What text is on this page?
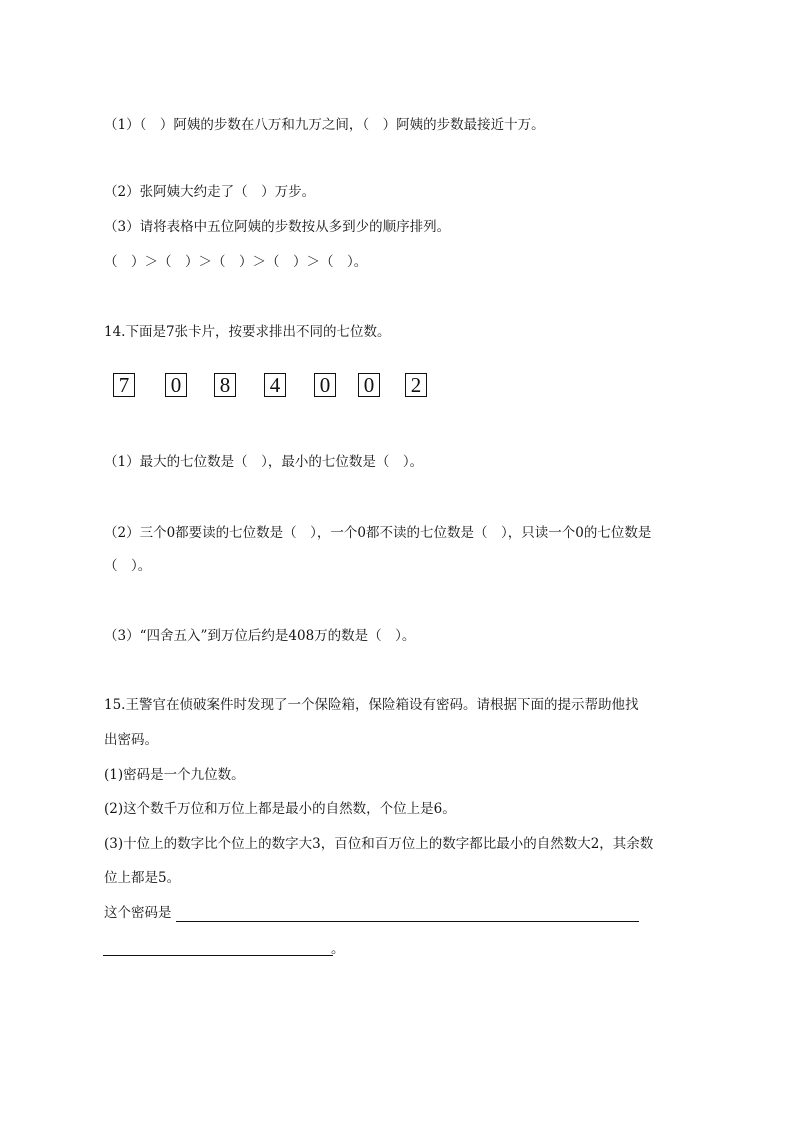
（1）（　）阿姨的步数在八万和九万之间，（　）阿姨的步数最接近十万。
（2）张阿姨大约走了（　）万步。
（3）请将表格中五位阿姨的步数按从多到少的顺序排列。
（　）＞（　）＞（　）＞（　）＞（　）。
14.下面是7张卡片，按要求排出不同的七位数。
7 0 8 4 0 0 2
（1）最大的七位数是（　），最小的七位数是（　）。
（2）三个0都要读的七位数是（　），一个0都不读的七位数是（　），只读一个0的七位数是
（　）。
（3）“四舍五入”到万位后约是408万的数是（　）。
15.王警官在侦破案件时发现了一个保险箱，保险箱设有密码。请根据下面的提示帮助他找
出密码。
(1)密码是一个九位数。
(2)这个数千万位和万位上都是最小的自然数，个位上是6。
(3)十位上的数字比个位上的数字大3，百位和百万位上的数字都比最小的自然数大2，其余数
位上都是5。
这个密码是
。
